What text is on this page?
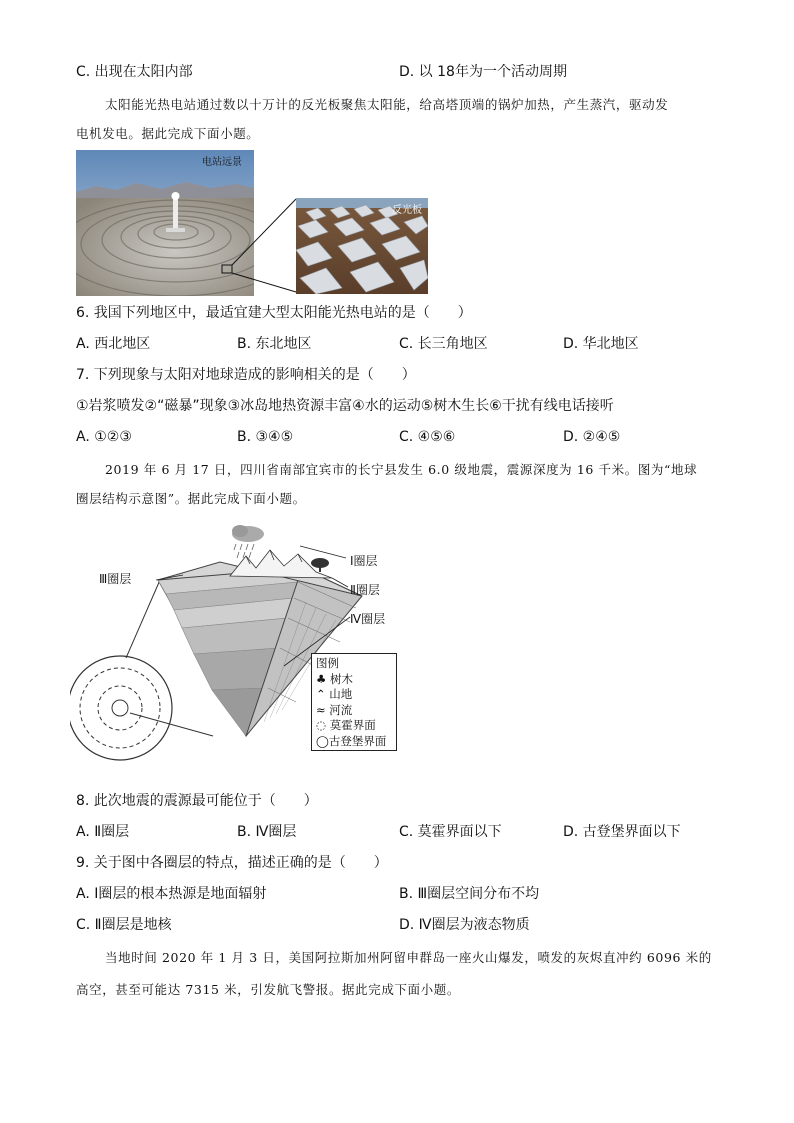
C. 出现在太阳内部	D. 以 18年为一个活动周期
太阳能光热电站通过数以十万计的反光板聚焦太阳能，给高塔顶端的锅炉加热，产生蒸汽，驱动发
电机发电。据此完成下面小题。
电站远景
反光板
6. 我国下列地区中，最适宜建大型太阳能光热电站的是（　　）
A. 西北地区	B. 东北地区	C. 长三角地区	D. 华北地区
7. 下列现象与太阳对地球造成的影响相关的是（　　）
①岩浆喷发②“磁暴”现象③冰岛地热资源丰富④水的运动⑤树木生长⑥干扰有线电话接听
A. ①②③	B. ③④⑤	C. ④⑤⑥	D. ②④⑤
2019 年 6 月 17 日，四川省南部宜宾市的长宁县发生 6.0 级地震，震源深度为 16 千米。图为“地球
圈层结构示意图”。据此完成下面小题。
Ⅰ圈层
Ⅱ圈层
Ⅲ圈层
Ⅳ圈层
图例
♣ 树木
⌃ 山地
≈ 河流
◌ 莫霍界面
◯古登堡界面
8. 此次地震的震源最可能位于（　　）
A. Ⅱ圈层	B. Ⅳ圈层	C. 莫霍界面以下	D. 古登堡界面以下
9. 关于图中各圈层的特点，描述正确的是（　　）
A. Ⅰ圈层的根本热源是地面辐射	B. Ⅲ圈层空间分布不均
C. Ⅱ圈层是地核	D. Ⅳ圈层为液态物质
当地时间 2020 年 1 月 3 日，美国阿拉斯加州阿留申群岛一座火山爆发，喷发的灰烬直冲约 6096 米的
高空，甚至可能达 7315 米，引发航飞警报。据此完成下面小题。
